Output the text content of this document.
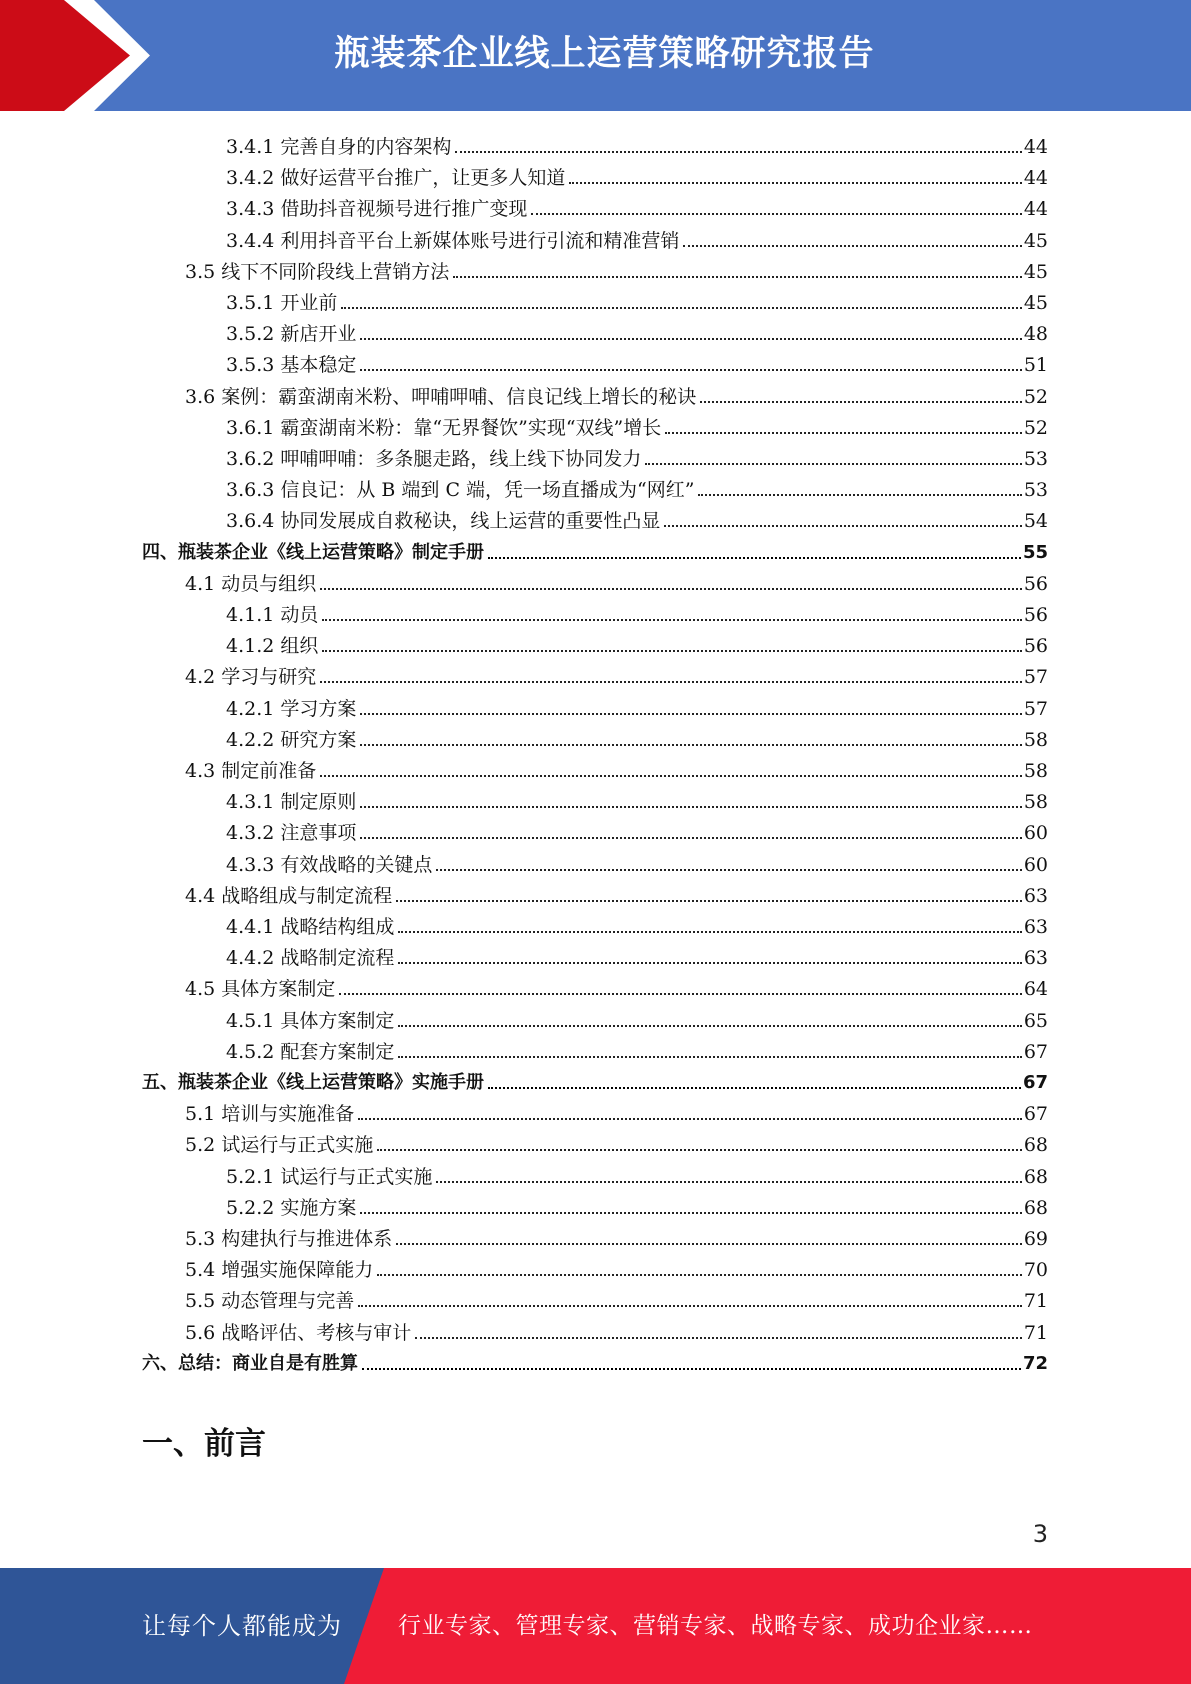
瓶装茶企业线上运营策略研究报告
3.4.1 完善自身的内容架构	44
3.4.2 做好运营平台推广，让更多人知道	44
3.4.3 借助抖音视频号进行推广变现	44
3.4.4 利用抖音平台上新媒体账号进行引流和精准营销	45
3.5 线下不同阶段线上营销方法	45
3.5.1 开业前	45
3.5.2 新店开业	48
3.5.3 基本稳定	51
3.6 案例：霸蛮湖南米粉、呷哺呷哺、信良记线上增长的秘诀	52
3.6.1 霸蛮湖南米粉：靠“无界餐饮”实现“双线”增长	52
3.6.2 呷哺呷哺：多条腿走路，线上线下协同发力	53
3.6.3 信良记：从 B 端到 C 端，凭一场直播成为“网红”	53
3.6.4 协同发展成自救秘诀，线上运营的重要性凸显	54
四、瓶装茶企业《线上运营策略》制定手册	55
4.1 动员与组织	56
4.1.1 动员	56
4.1.2 组织	56
4.2 学习与研究	57
4.2.1 学习方案	57
4.2.2 研究方案	58
4.3 制定前准备	58
4.3.1 制定原则	58
4.3.2 注意事项	60
4.3.3 有效战略的关键点	60
4.4 战略组成与制定流程	63
4.4.1 战略结构组成	63
4.4.2 战略制定流程	63
4.5 具体方案制定	64
4.5.1 具体方案制定	65
4.5.2 配套方案制定	67
五、瓶装茶企业《线上运营策略》实施手册	67
5.1 培训与实施准备	67
5.2 试运行与正式实施	68
5.2.1 试运行与正式实施	68
5.2.2 实施方案	68
5.3 构建执行与推进体系	69
5.4 增强实施保障能力	70
5.5 动态管理与完善	71
5.6 战略评估、考核与审计	71
六、总结：商业自是有胜算	72
一、前言
3
让每个人都能成为 行业专家、管理专家、营销专家、战略专家、成功企业家……
